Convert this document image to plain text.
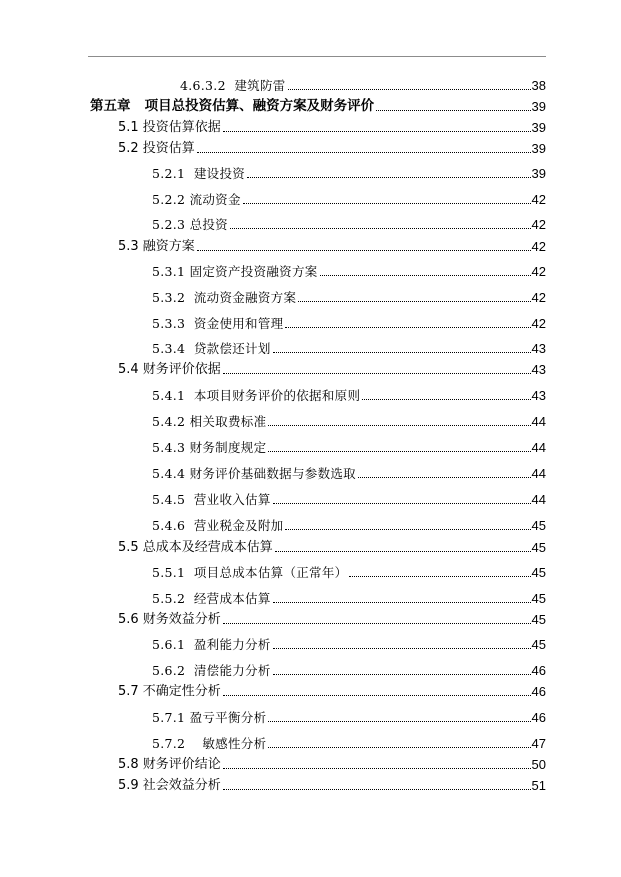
4.6.3.2  建筑防雷	38
第五章   项目总投资估算、融资方案及财务评价	39
5.1 投资估算依据	39
5.2 投资估算	39
5.2.1  建设投资	39
5.2.2 流动资金	42
5.2.3 总投资	42
5.3 融资方案	42
5.3.1 固定资产投资融资方案	42
5.3.2  流动资金融资方案	42
5.3.3  资金使用和管理	42
5.3.4  贷款偿还计划	43
5.4 财务评价依据	43
5.4.1  本项目财务评价的依据和原则	43
5.4.2 相关取费标准	44
5.4.3 财务制度规定	44
5.4.4 财务评价基础数据与参数选取	44
5.4.5  营业收入估算	44
5.4.6  营业税金及附加	45
5.5 总成本及经营成本估算	45
5.5.1  项目总成本估算（正常年）	45
5.5.2  经营成本估算	45
5.6 财务效益分析	45
5.6.1  盈利能力分析	45
5.6.2  清偿能力分析	46
5.7 不确定性分析	46
5.7.1 盈亏平衡分析	46
5.7.2    敏感性分析	47
5.8 财务评价结论	50
5.9 社会效益分析	51
